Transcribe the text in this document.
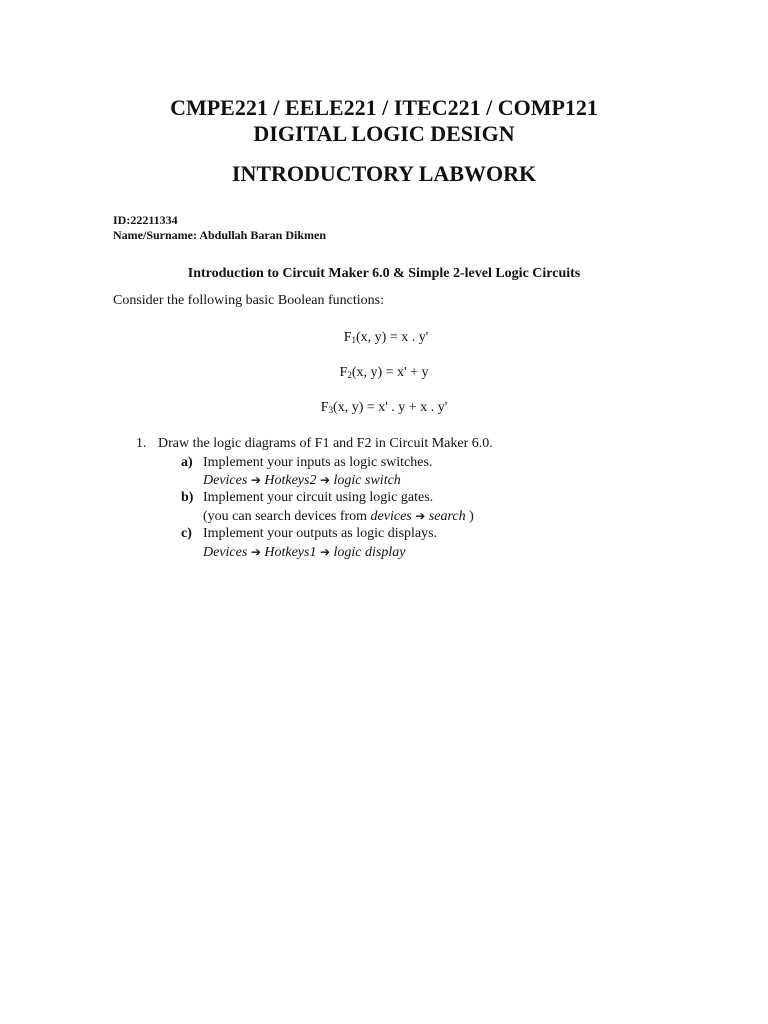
CMPE221 / EELE221 / ITEC221 / COMP121
DIGITAL LOGIC DESIGN
INTRODUCTORY LABWORK
ID:22211334
Name/Surname: Abdullah Baran Dikmen
Introduction to Circuit Maker 6.0 & Simple 2-level Logic Circuits
Consider the following basic Boolean functions:
$F_1(x$, y) = x . y'
$F_2(x$, y) = x' + y
$F_3(x$, y) = x' . y + x . y'
1. Draw the logic diagrams of F1 and F2 in Circuit Maker 6.0.
a) Implement your inputs as logic switches.
Devices ➔ Hotkeys2 ➔ logic switch
b) Implement your circuit using logic gates.
(you can search devices from devices ➔ search )
c) Implement your outputs as logic displays.
Devices ➔ Hotkeys1 ➔ logic display
